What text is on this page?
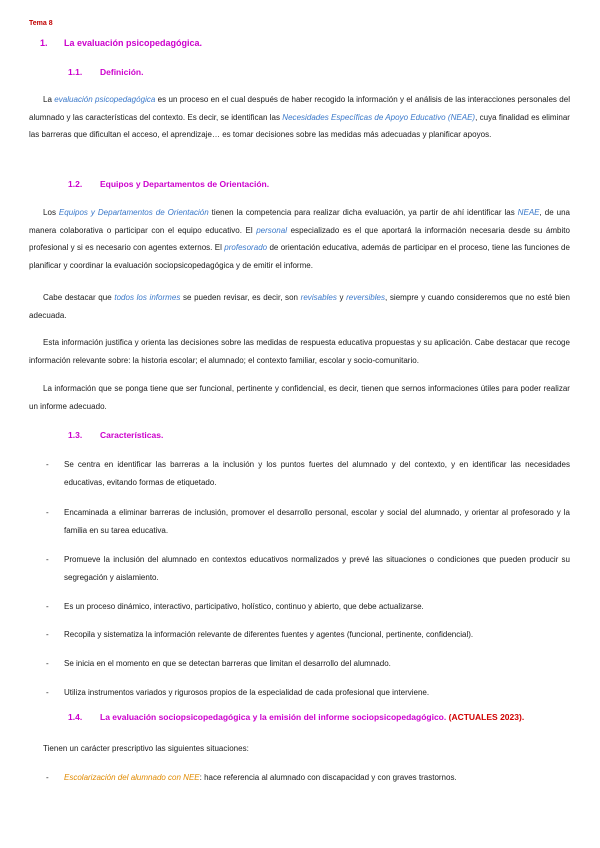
Tema 8
1. La evaluación psicopedagógica.
1.1. Definición.
La evaluación psicopedagógica es un proceso en el cual después de haber recogido la información y el análisis de las interacciones personales del alumnado y las características del contexto. Es decir, se identifican las Necesidades Específicas de Apoyo Educativo (NEAE), cuya finalidad es eliminar las barreras que dificultan el acceso, el aprendizaje… es tomar decisiones sobre las medidas más adecuadas y planificar apoyos.
1.2. Equipos y Departamentos de Orientación.
Los Equipos y Departamentos de Orientación tienen la competencia para realizar dicha evaluación, ya partir de ahí identificar las NEAE, de una manera colaborativa o participar con el equipo educativo. El personal especializado es el que aportará la información necesaria desde su ámbito profesional y si es necesario con agentes externos. El profesorado de orientación educativa, además de participar en el proceso, tiene las funciones de planificar y coordinar la evaluación sociopsicopedagógica y de emitir el informe.
Cabe destacar que todos los informes se pueden revisar, es decir, son revisables y reversibles, siempre y cuando consideremos que no esté bien adecuada.
Esta información justifica y orienta las decisiones sobre las medidas de respuesta educativa propuestas y su aplicación. Cabe destacar que recoge información relevante sobre: la historia escolar; el alumnado; el contexto familiar, escolar y socio-comunitario.
La información que se ponga tiene que ser funcional, pertinente y confidencial, es decir, tienen que sernos informaciones útiles para poder realizar un informe adecuado.
1.3. Características.
- Se centra en identificar las barreras a la inclusión y los puntos fuertes del alumnado y del contexto, y en identificar las necesidades educativas, evitando formas de etiquetado.
- Encaminada a eliminar barreras de inclusión, promover el desarrollo personal, escolar y social del alumnado, y orientar al profesorado y la familia en su tarea educativa.
- Promueve la inclusión del alumnado en contextos educativos normalizados y prevé las situaciones o condiciones que pueden producir su segregación y aislamiento.
- Es un proceso dinámico, interactivo, participativo, holístico, continuo y abierto, que debe actualizarse.
- Recopila y sistematiza la información relevante de diferentes fuentes y agentes (funcional, pertinente, confidencial).
- Se inicia en el momento en que se detectan barreras que limitan el desarrollo del alumnado.
- Utiliza instrumentos variados y rigurosos propios de la especialidad de cada profesional que interviene.
1.4. La evaluación sociopsicopedagógica y la emisión del informe sociopsicopedagógico. (ACTUALES 2023).
Tienen un carácter prescriptivo las siguientes situaciones:
- Escolarización del alumnado con NEE: hace referencia al alumnado con discapacidad y con graves trastornos.
